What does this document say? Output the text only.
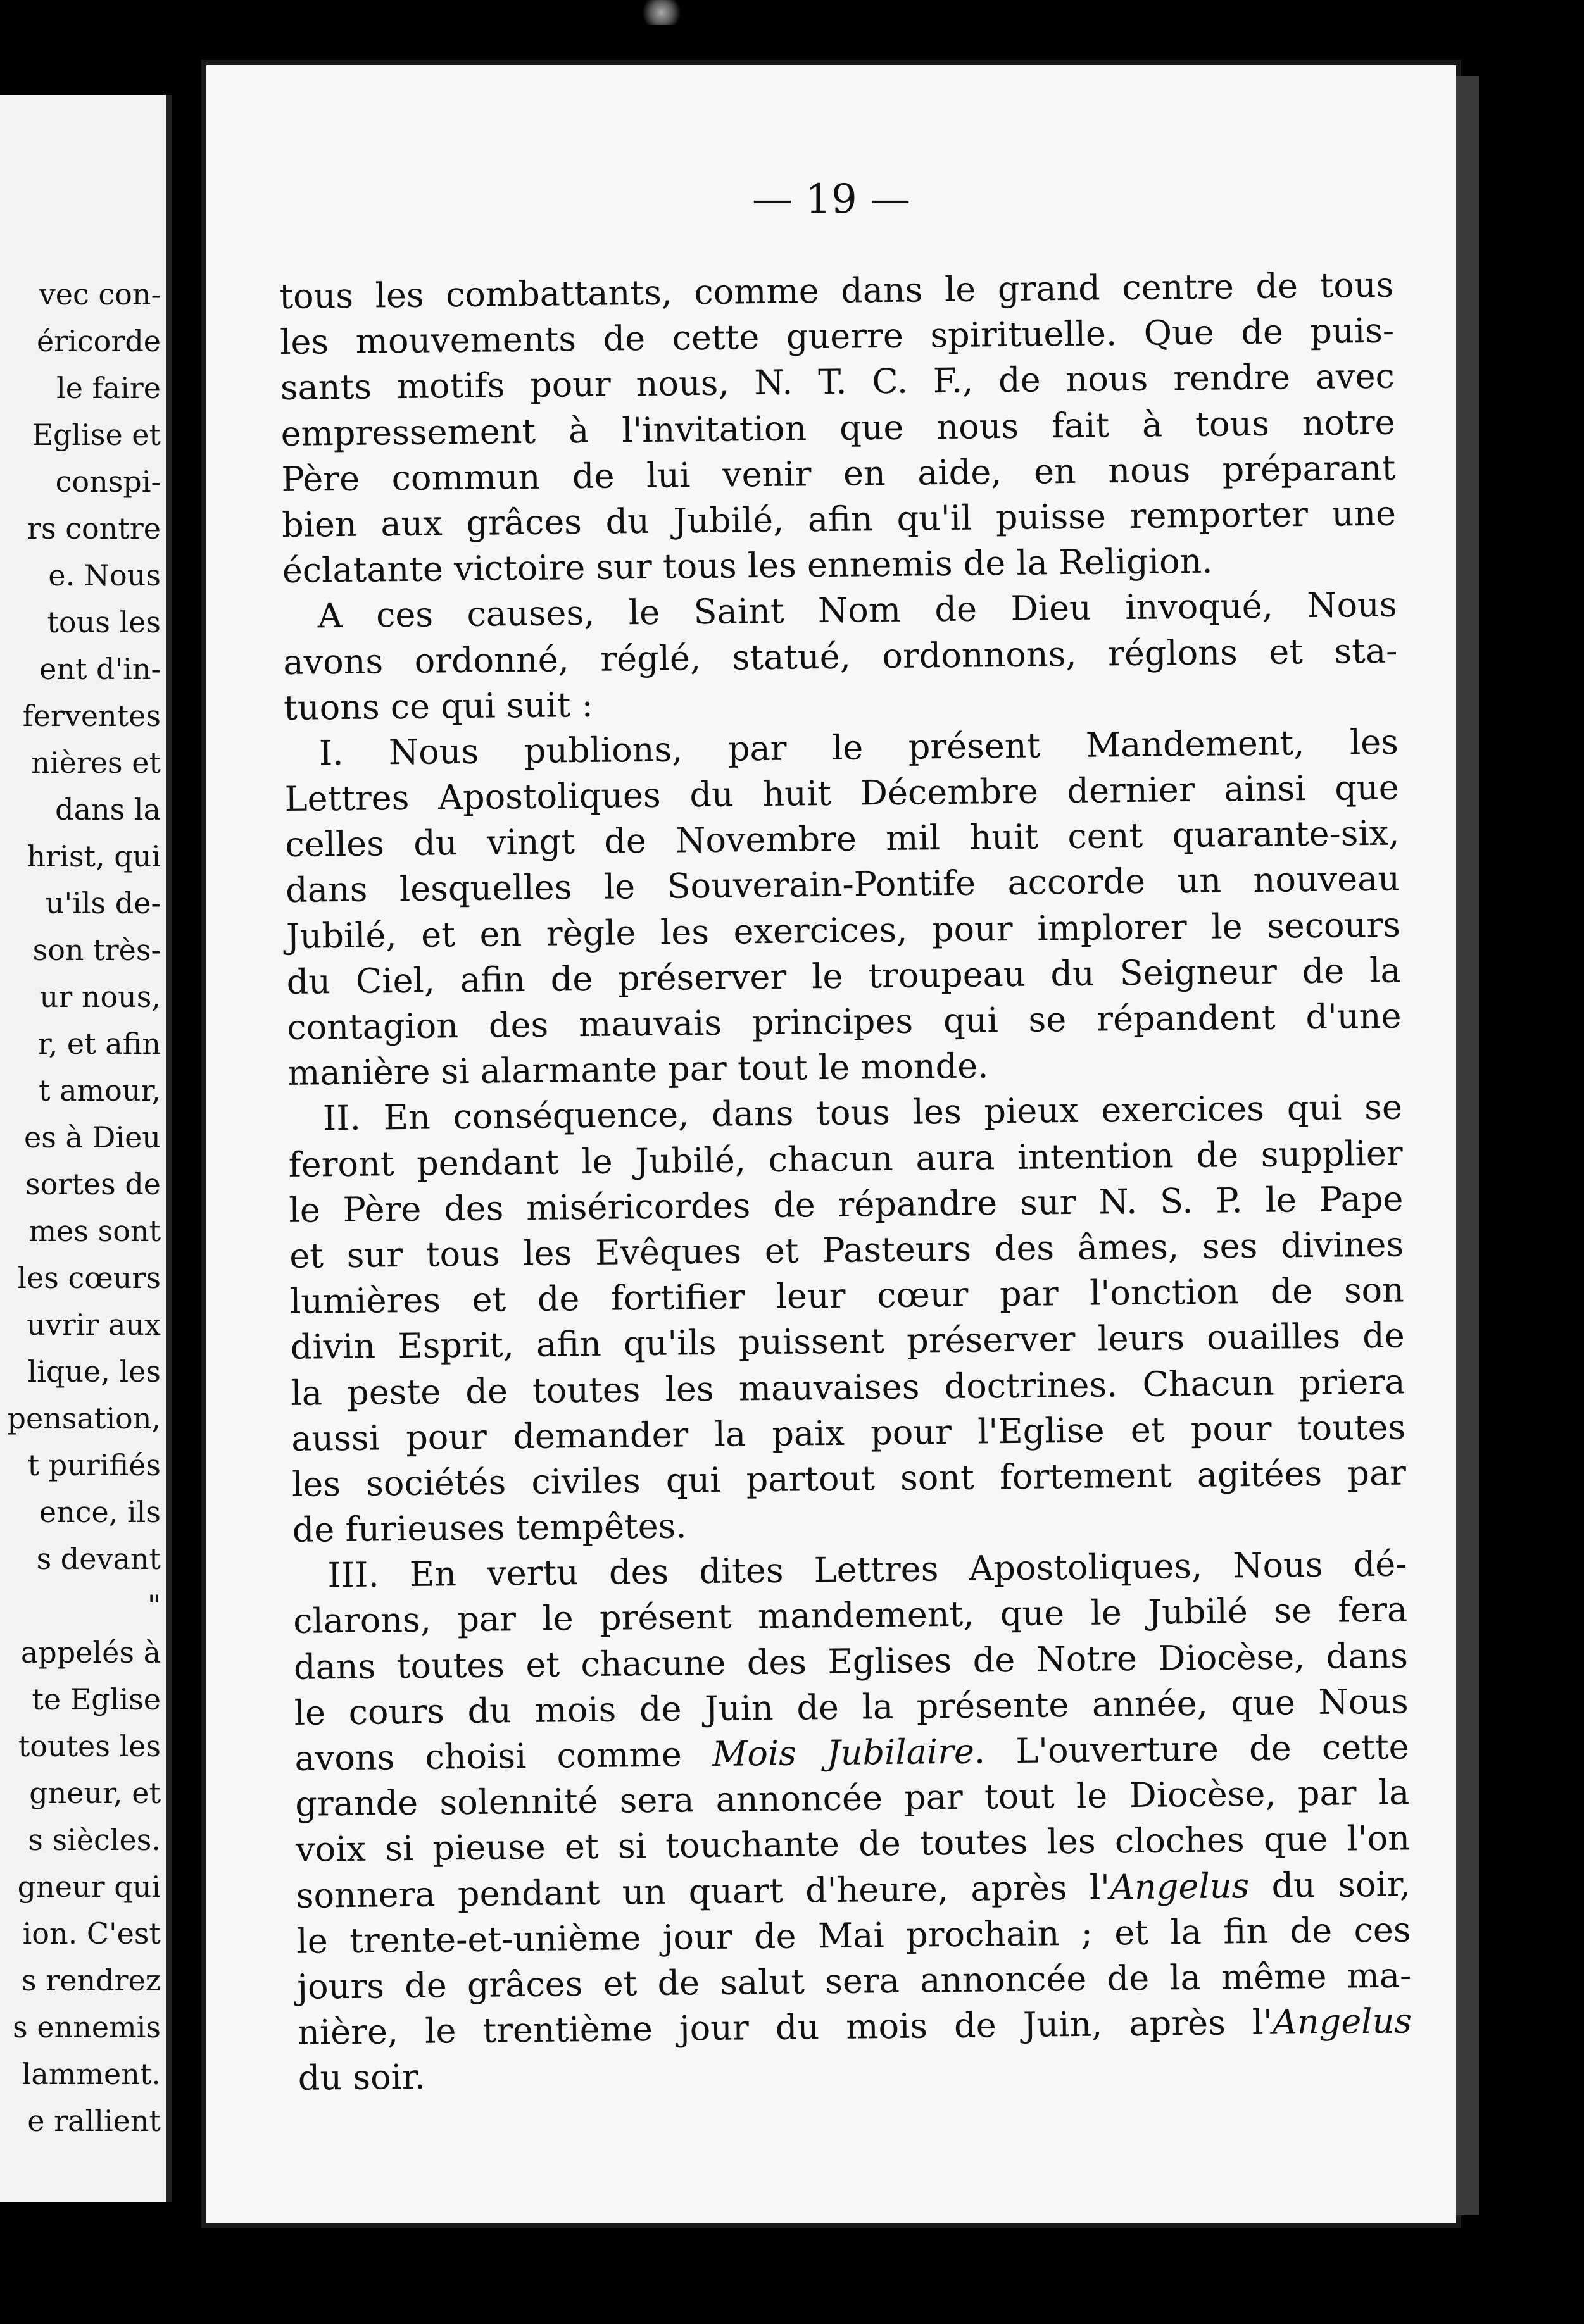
vec con-
éricorde
le faire
Eglise et
conspi-
rs contre
e. Nous
tous les
ent d'in-
ferventes
nières et
dans la
hrist, qui
u'ils de-
son très-
ur nous,
r, et afin
t amour,
es à Dieu
sortes de
mes sont
les cœurs
uvrir aux
lique, les
pensation,
t purifiés
ence, ils
s devant
"
appelés à
te Eglise
toutes les
gneur, et
s siècles.
gneur qui
ion. C'est
s rendrez
s ennemis
lamment.
e rallient
— 19 —
tous les combattants, comme dans le grand centre de tous
les mouvements de cette guerre spirituelle. Que de puis-
sants motifs pour nous, N. T. C. F., de nous rendre avec
empressement à l'invitation que nous fait à tous notre
Père commun de lui venir en aide, en nous préparant
bien aux grâces du Jubilé, afin qu'il puisse remporter une
éclatante victoire sur tous les ennemis de la Religion.
A ces causes, le Saint Nom de Dieu invoqué, Nous
avons ordonné, réglé, statué, ordonnons, réglons et sta-
tuons ce qui suit :
I. Nous publions, par le présent Mandement, les
Lettres Apostoliques du huit Décembre dernier ainsi que
celles du vingt de Novembre mil huit cent quarante-six,
dans lesquelles le Souverain-Pontife accorde un nouveau
Jubilé, et en règle les exercices, pour implorer le secours
du Ciel, afin de préserver le troupeau du Seigneur de la
contagion des mauvais principes qui se répandent d'une
manière si alarmante par tout le monde.
II. En conséquence, dans tous les pieux exercices qui se
feront pendant le Jubilé, chacun aura intention de supplier
le Père des miséricordes de répandre sur N. S. P. le Pape
et sur tous les Evêques et Pasteurs des âmes, ses divines
lumières et de fortifier leur cœur par l'onction de son
divin Esprit, afin qu'ils puissent préserver leurs ouailles de
la peste de toutes les mauvaises doctrines. Chacun priera
aussi pour demander la paix pour l'Eglise et pour toutes
les sociétés civiles qui partout sont fortement agitées par
de furieuses tempêtes.
III. En vertu des dites Lettres Apostoliques, Nous dé-
clarons, par le présent mandement, que le Jubilé se fera
dans toutes et chacune des Eglises de Notre Diocèse, dans
le cours du mois de Juin de la présente année, que Nous
avons choisi comme Mois Jubilaire. L'ouverture de cette
grande solennité sera annoncée par tout le Diocèse, par la
voix si pieuse et si touchante de toutes les cloches que l'on
sonnera pendant un quart d'heure, après l'Angelus du soir,
le trente-et-unième jour de Mai prochain ; et la fin de ces
jours de grâces et de salut sera annoncée de la même ma-
nière, le trentième jour du mois de Juin, après l'Angelus
du soir.
